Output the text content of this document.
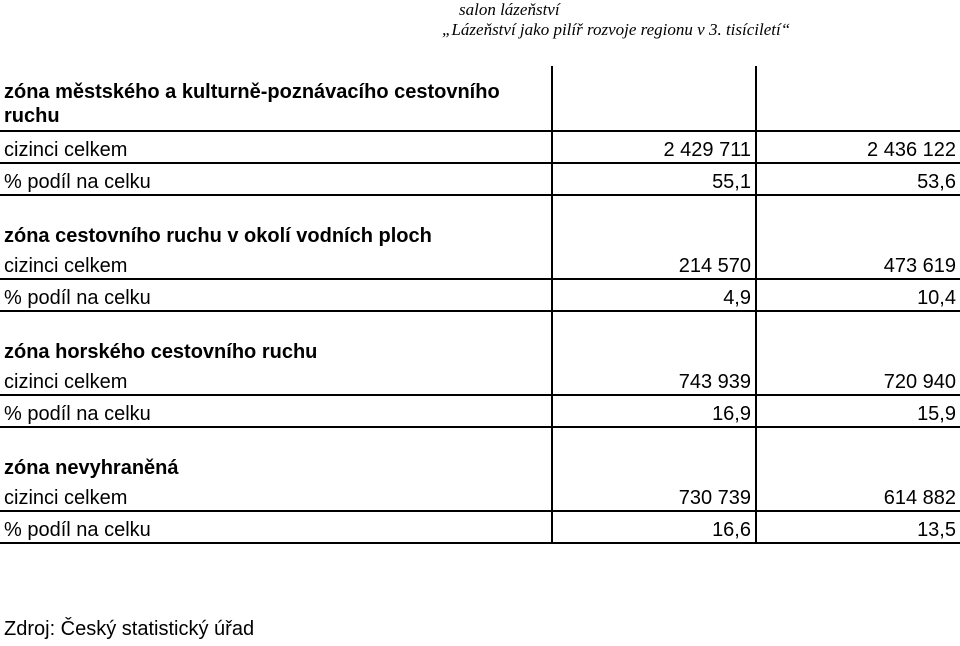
salon lázeňství
„Lázeňství jako pilíř rozvoje regionu v 3. tisíciletí“
zóna městského a kulturně-poznávacího cestovního ruchu		
cizinci celkem	2 429 711	2 436 122
% podíl na celku	55,1	53,6

zóna cestovního ruchu v okolí vodních ploch		
cizinci celkem	214 570	473 619
% podíl na celku	4,9	10,4

zóna horského cestovního ruchu		
cizinci celkem	743 939	720 940
% podíl na celku	16,9	15,9

zóna nevyhraněná		
cizinci celkem	730 739	614 882
% podíl na celku	16,6	13,5
Zdroj: Český statistický úřad
